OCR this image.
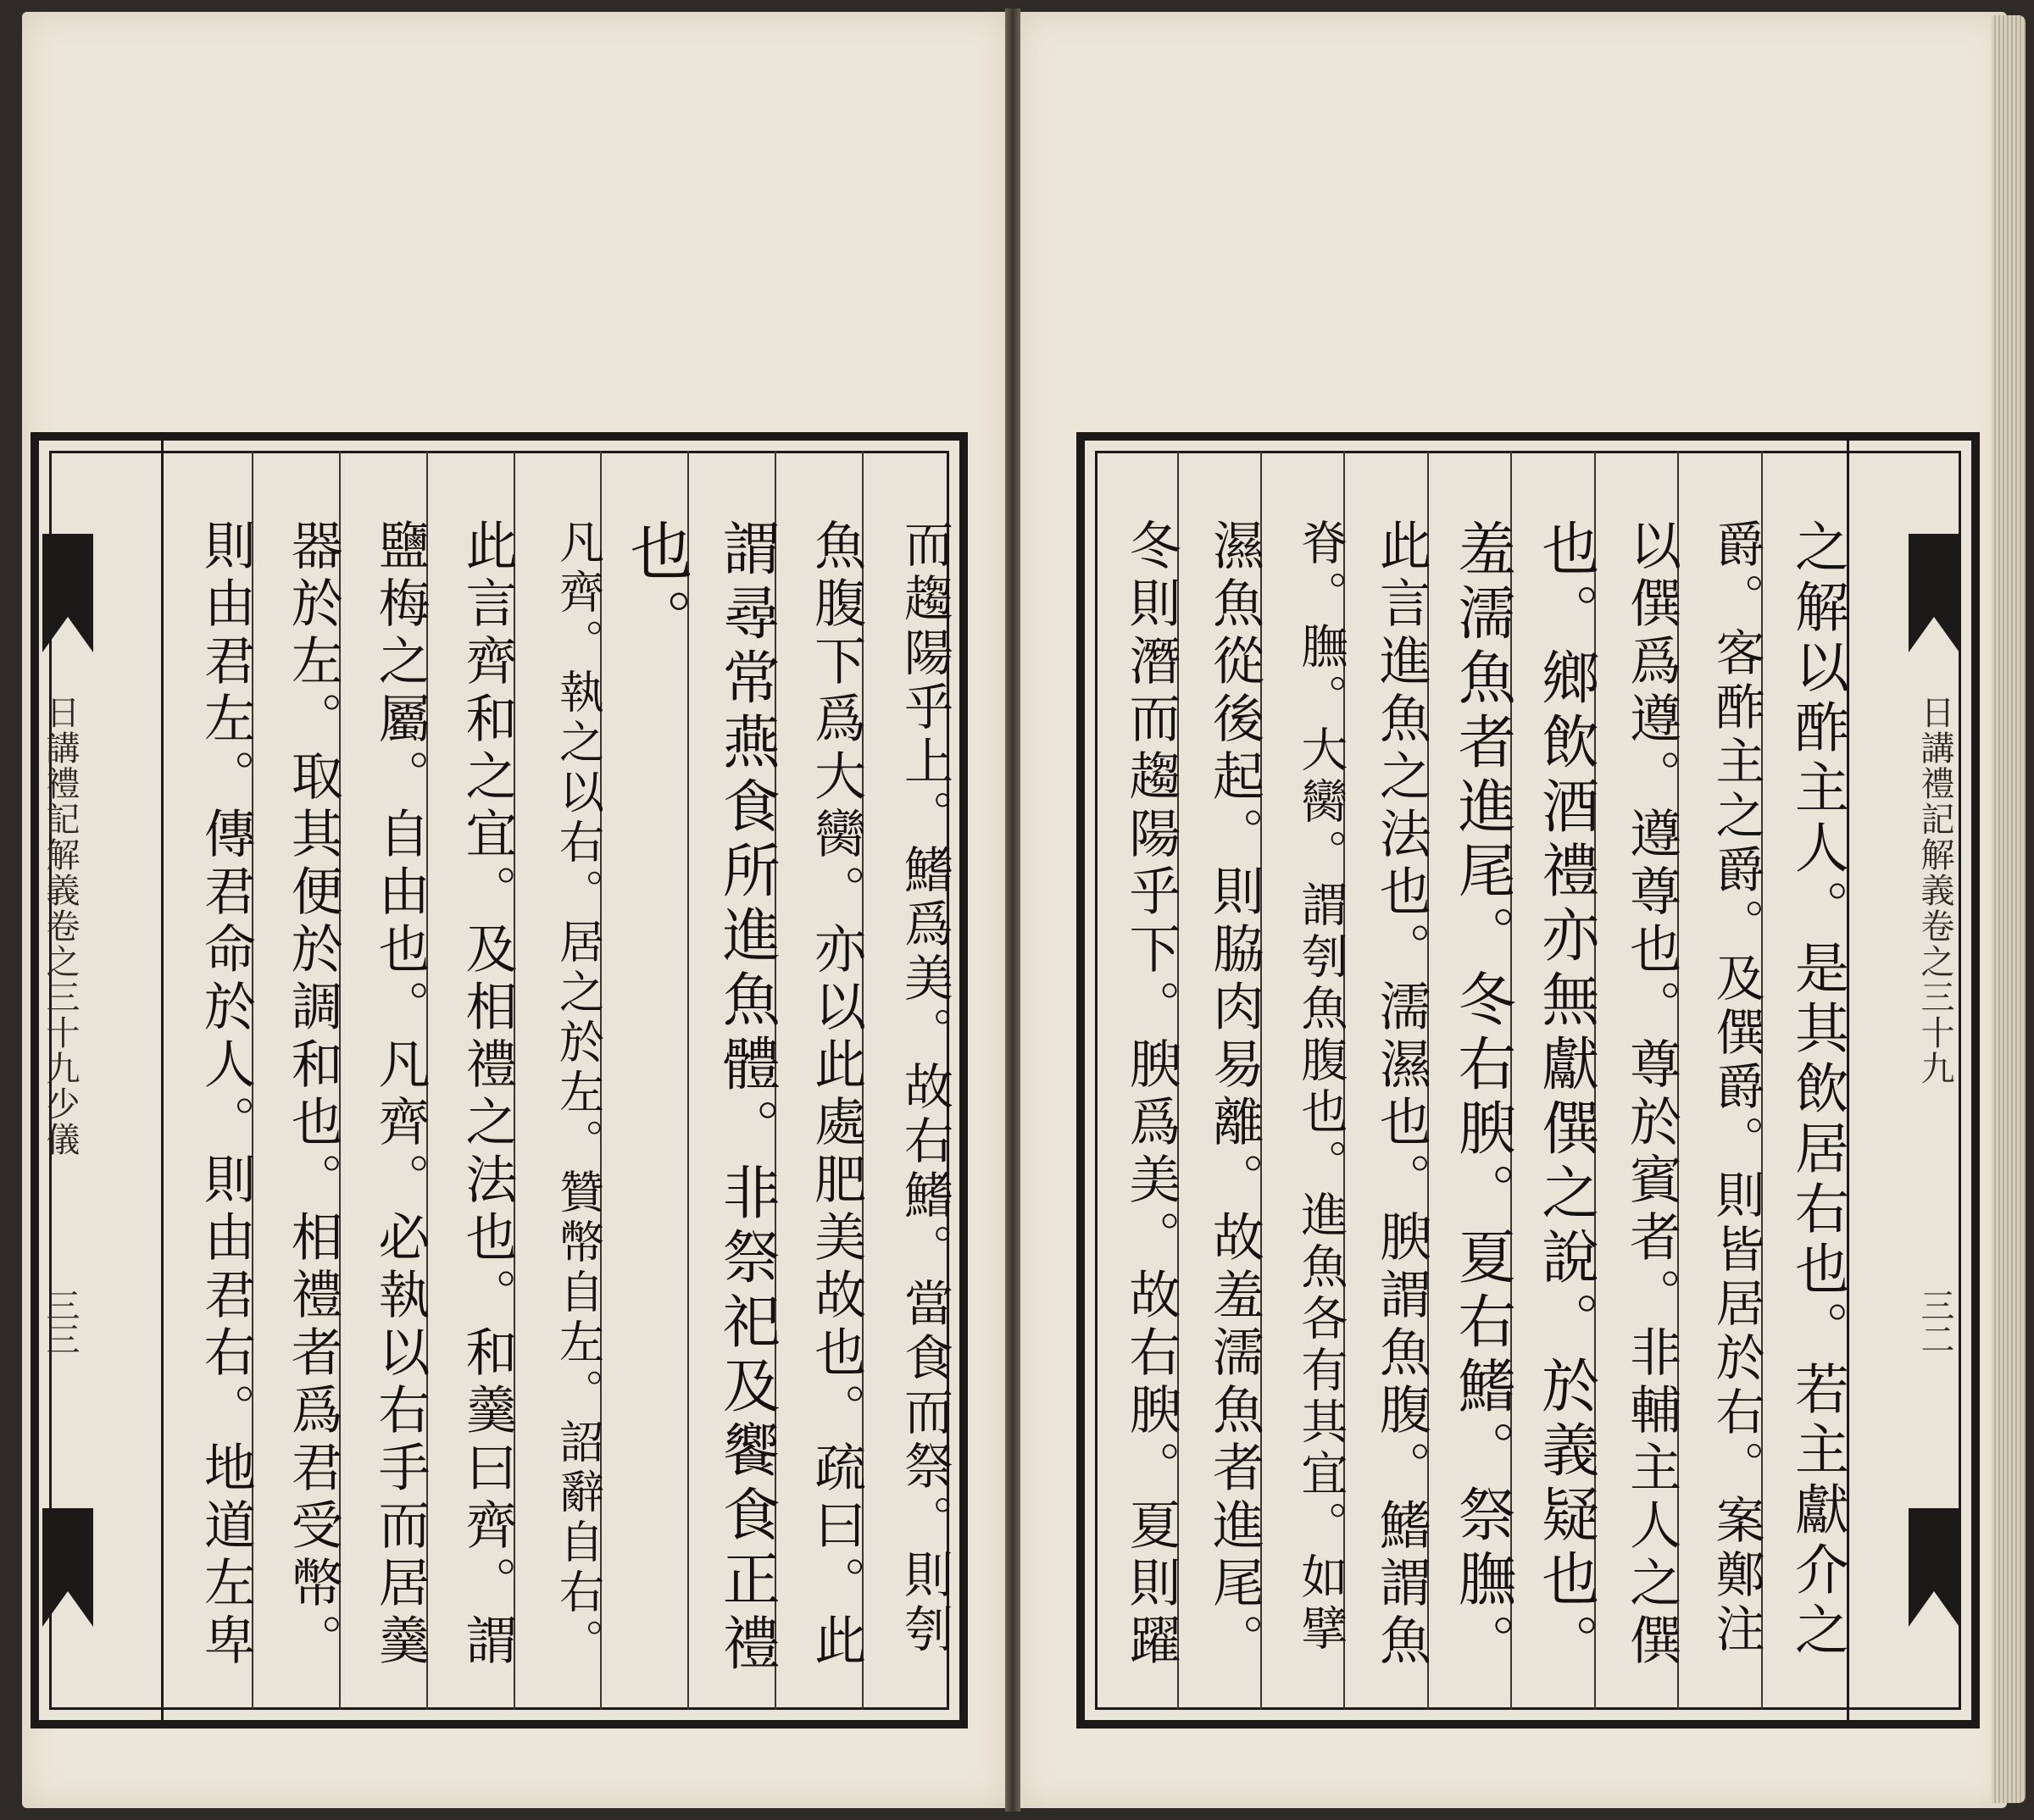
日講禮記解義卷之三十九少儀
三三	而趨陽乎上。鰭爲美。故右鰭。當食而祭。則刳
魚腹下爲大臠。亦以此處肥美故也。疏曰。此
謂尋常燕食所進魚體。非祭祀及饗食正禮
也。
凡齊。執之以右。居之於左。贊幣自左。詔辭自右。
此言齊和之宜。及相禮之法也。和羹曰齊。謂
鹽梅之屬。自由也。凡齊。必執以右手而居羹
器於左。取其便於調和也。相禮者爲君受幣。
則由君左。傳君命於人。則由君右。地道左卑	日講禮記解義卷之三十九
三二
之解以酢主人。是其飲居右也。若主獻介之
爵。客酢主之爵。及僎爵。則皆居於右。案鄭注
以僎爲遵。遵尊也。尊於賓者。非輔主人之僎
也。鄉飲酒禮亦無獻僎之說。於義疑也。
羞濡魚者進尾。冬右腴。夏右鰭。祭膴。
此言進魚之法也。濡濕也。腴謂魚腹。鰭謂魚
脊。膴。大臠。謂刳魚腹也。進魚各有其宜。如擘
濕魚從後起。則脇肉易離。故羞濡魚者進尾。
冬則潛而趨陽乎下。腴爲美。故右腴。夏則躍
